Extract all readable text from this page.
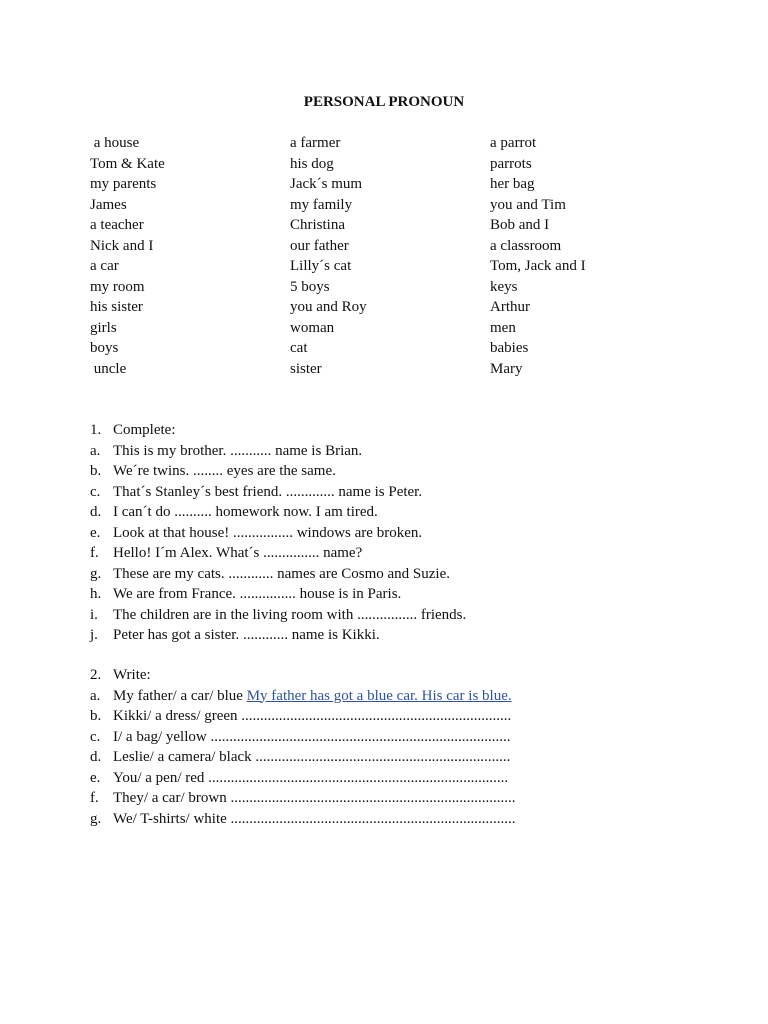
PERSONAL PRONOUN
a house
Tom & Kate
my parents
James
a teacher
Nick and I
a car
my room
his sister
girls
boys
uncle
a farmer
his dog
Jack´s mum
my family
Christina
our father
Lilly´s cat
5 boys
you and Roy
woman
cat
sister
a parrot
parrots
her bag
you and Tim
Bob and I
a classroom
Tom, Jack and I
keys
Arthur
men
babies
Mary
1. Complete:
a. This is my brother. ........... name is Brian.
b. We´re twins. ........ eyes are the same.
c. That´s Stanley´s best friend. ............. name is Peter.
d. I can´t do .......... homework now. I am tired.
e. Look at that house! ................ windows are broken.
f. Hello! I´m Alex. What´s ............... name?
g. These are my cats. ............ names are Cosmo and Suzie.
h. We are from France. ............... house is in Paris.
i.	The children are in the living room with ................ friends.
j.	Peter has got a sister. ............ name is Kikki.
2. Write:
a. My father/ a car/ blue My father has got a blue car. His car is blue.
b. Kikki/ a dress/ green ........................................................................
c. I/ a bag/ yellow ................................................................................
d. Leslie/ a camera/ black ....................................................................
e. You/ a pen/ red ................................................................................
f. They/ a car/ brown ............................................................................
g. We/ T-shirts/ white ............................................................................
